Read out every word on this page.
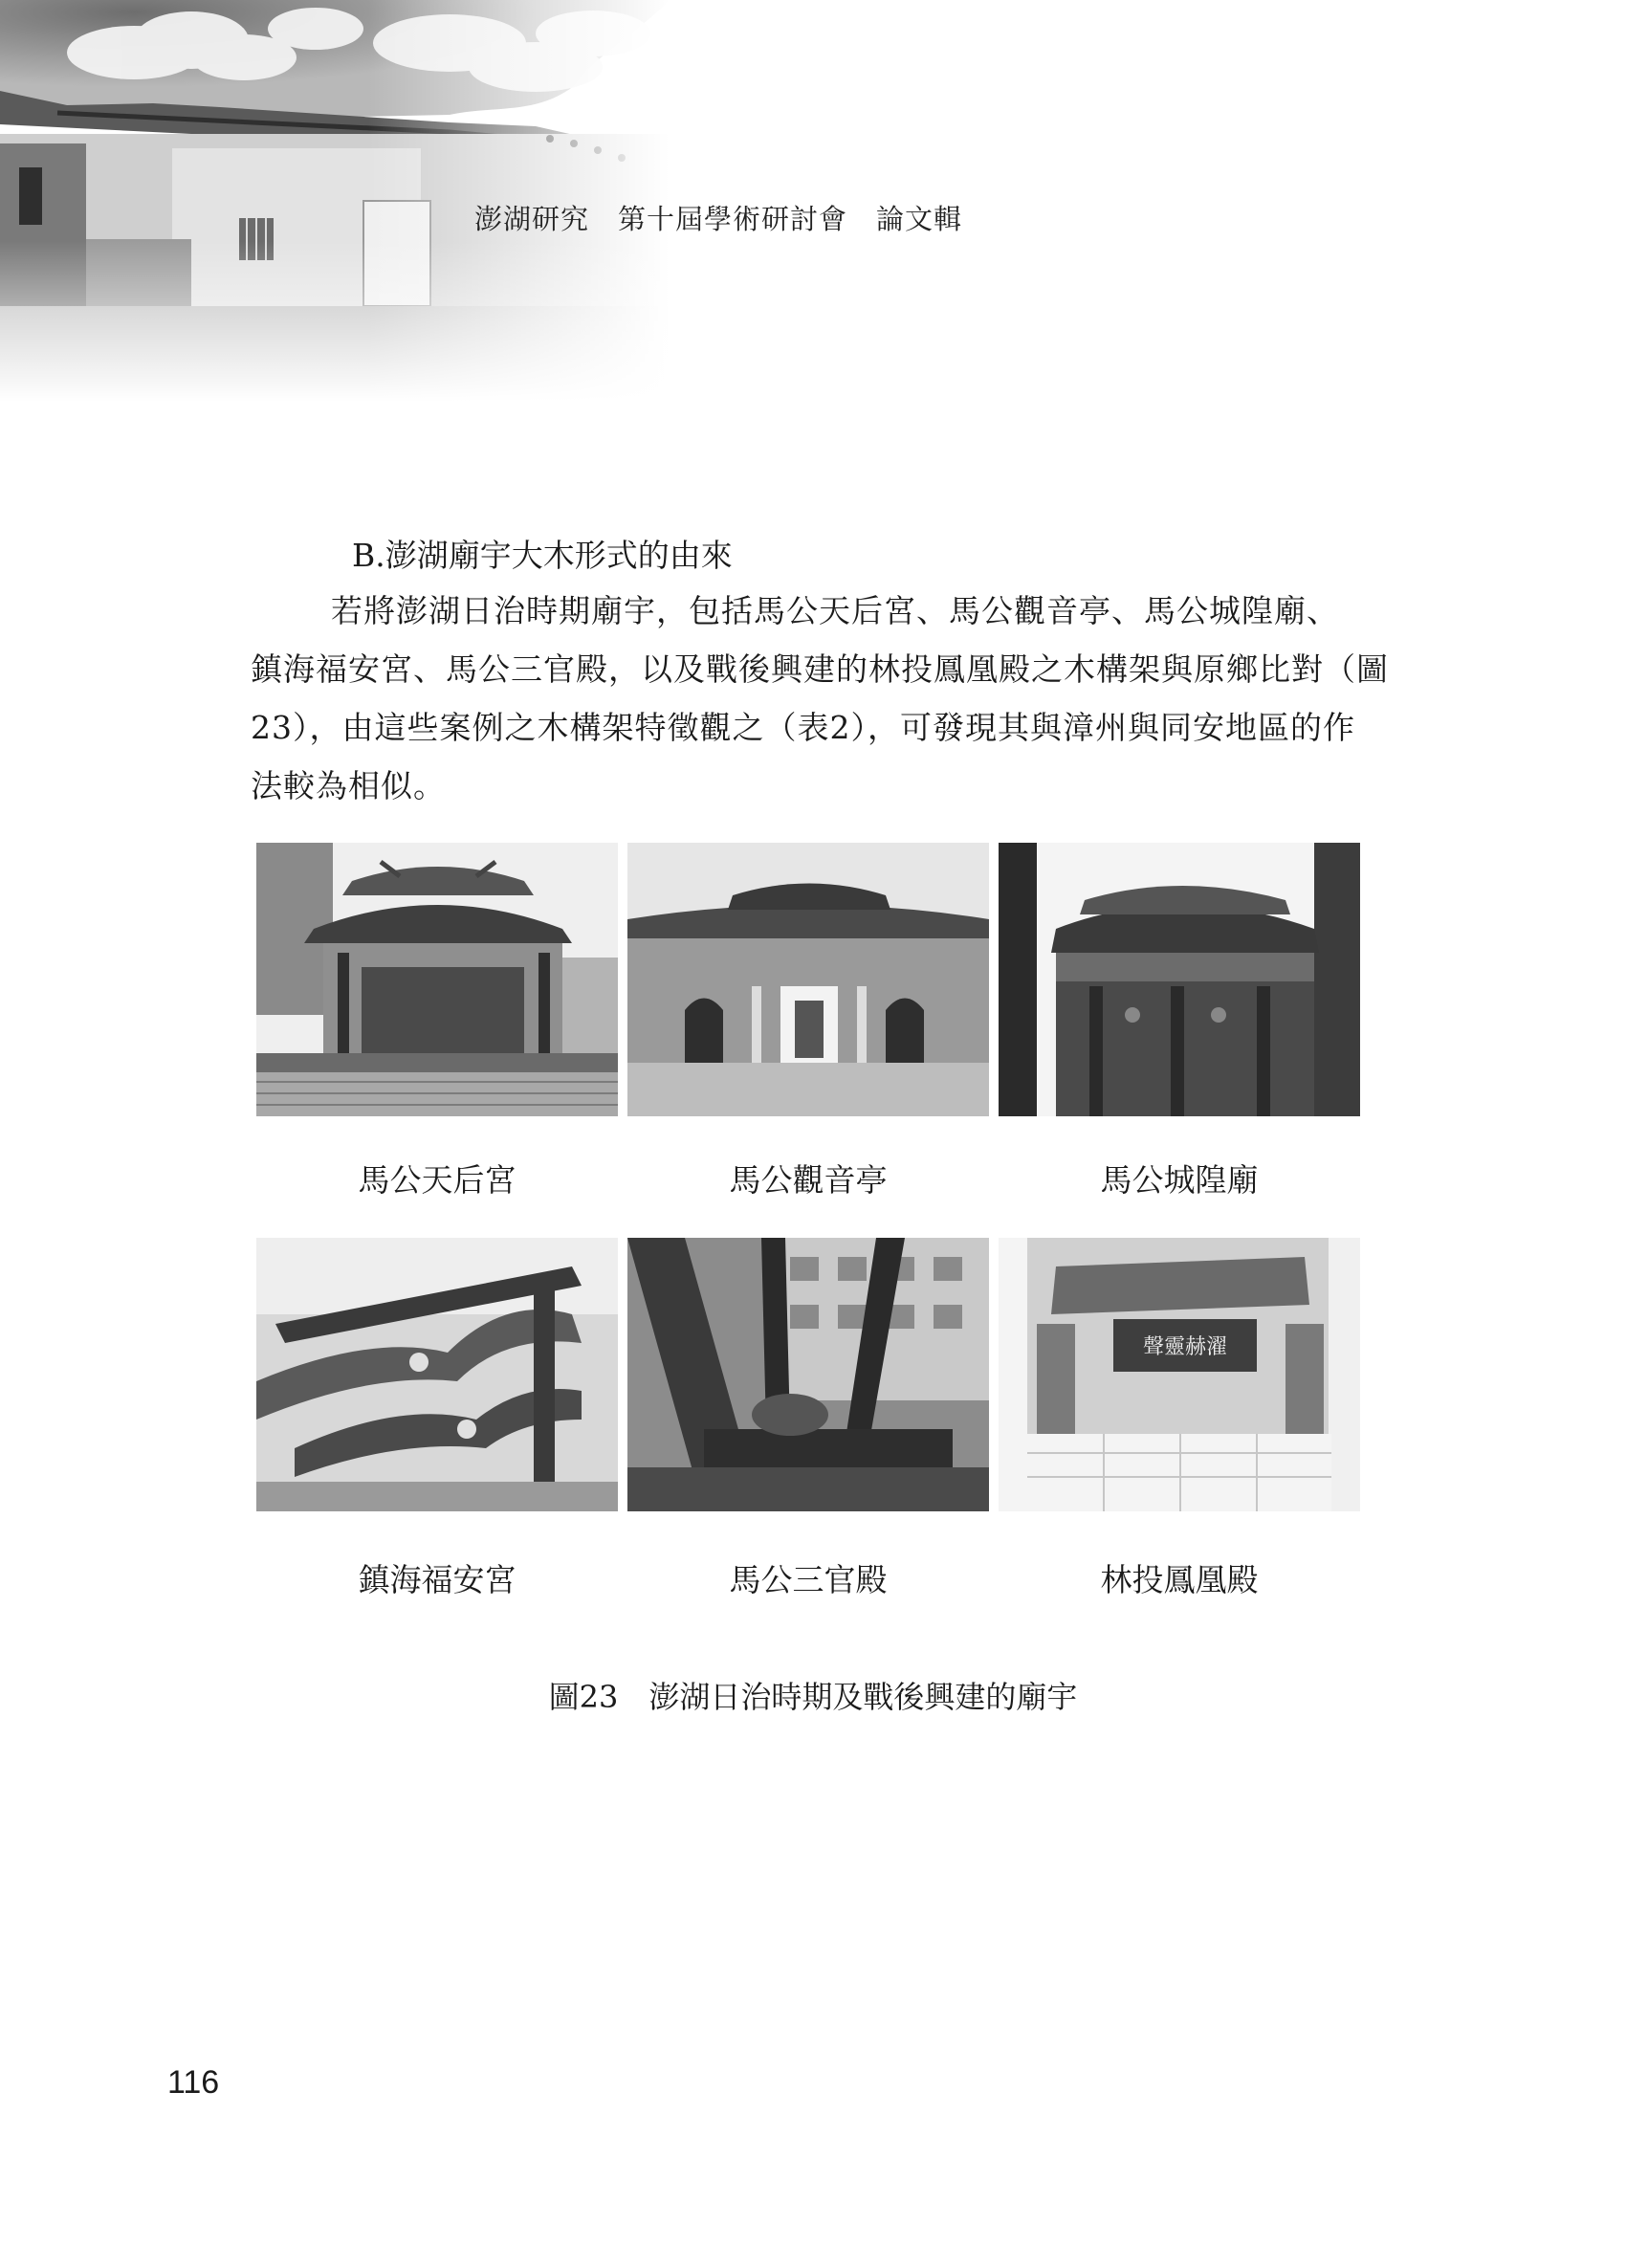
澎湖研究　第十屆學術研討會　論文輯
B.澎湖廟宇大木形式的由來
若將澎湖日治時期廟宇，包括馬公天后宮、馬公觀音亭、馬公城隍廟、
鎮海福安宮、馬公三官殿，以及戰後興建的林投鳳凰殿之木構架與原鄉比對（圖
23），由這些案例之木構架特徵觀之（表2），可發現其與漳州與同安地區的作
法較為相似。
馬公天后宮	馬公觀音亭	馬公城隍廟
聲靈赫濯
鎮海福安宮	馬公三官殿	林投鳳凰殿
圖23　澎湖日治時期及戰後興建的廟宇
116
